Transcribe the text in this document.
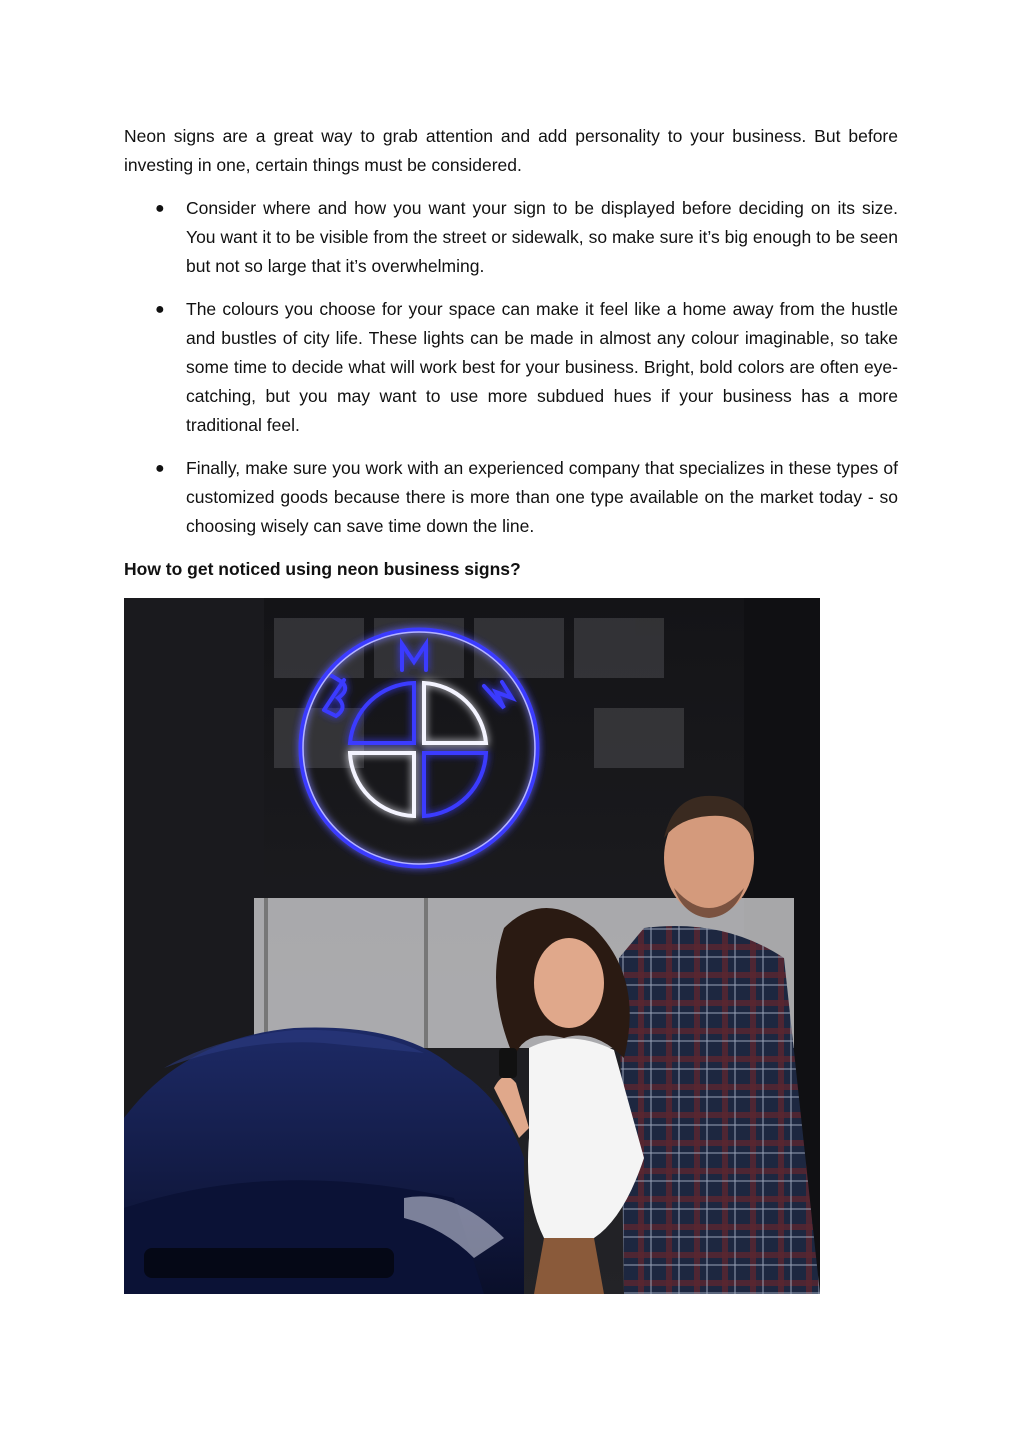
Neon signs are a great way to grab attention and add personality to your business. But before investing in one, certain things must be considered.

● Consider where and how you want your sign to be displayed before deciding on its size. You want it to be visible from the street or sidewalk, so make sure it’s big enough to be seen but not so large that it’s overwhelming.
● The colours you choose for your space can make it feel like a home away from the hustle and bustles of city life. These lights can be made in almost any colour imaginable, so take some time to decide what will work best for your business. Bright, bold colors are often eye-catching, but you may want to use more subdued hues if your business has a more traditional feel.
● Finally, make sure you work with an experienced company that specializes in these types of customized goods because there is more than one type available on the market today - so choosing wisely can save time down the line.

How to get noticed using neon business signs?
